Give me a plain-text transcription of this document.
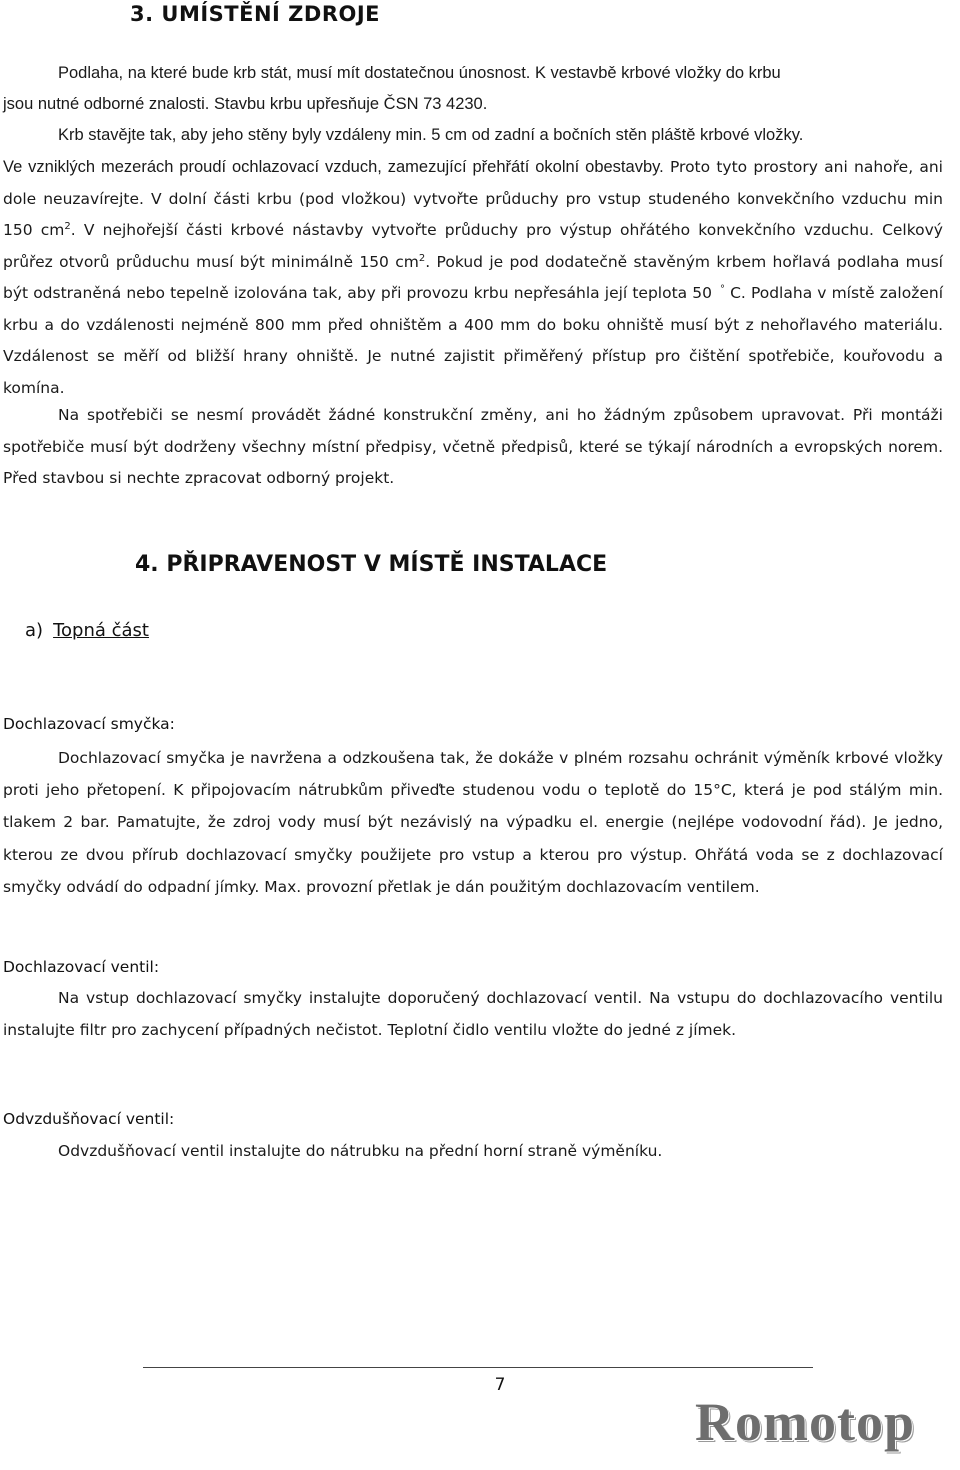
3. UMÍSTĚNÍ ZDROJE

Podlaha, na které bude krb stát, musí mít dostatečnou únosnost. K vestavbě krbové vložky do krbu
jsou nutné odborné znalosti. Stavbu krbu upřesňuje ČSN 73 4230.

Krb stavějte tak, aby jeho stěny byly vzdáleny min. 5 cm od zadní a bočních stěn pláště krbové vložky.

Ve vzniklých mezerách proudí ochlazovací vzduch, zamezující přehřátí okolní obestavby. Proto tyto prostory ani nahoře, ani dole neuzavírejte. V dolní části krbu (pod vložkou) vytvořte průduchy pro vstup studeného konvekčního vzduchu min 150 $cm^2$. V nejhořejší části krbové nástavby vytvořte průduchy pro výstup ohřátého konvekčního vzduchu. Celkový průřez otvorů průduchu musí být minimálně 150 $cm^2$. Pokud je pod dodatečně stavěným krbem hořlavá podlaha musí být odstraněná nebo tepelně izolována tak, aby při provozu krbu nepřesáhla její teplota 50 ° C. Podlaha v místě založení krbu a do vzdálenosti nejméně 800 mm před ohništěm a 400 mm do boku ohniště musí být z nehořlavého materiálu. Vzdálenost se měří od bližší hrany ohniště. Je nutné zajistit přiměřený přístup pro čištění spotřebiče, kouřovodu a komína.

Na spotřebiči se nesmí provádět žádné konstrukční změny, ani ho žádným způsobem upravovat. Při montáži spotřebiče musí být dodrženy všechny místní předpisy, včetně předpisů, které se týkají národních a evropských norem. Před stavbou si nechte zpracovat odborný projekt.

4. PŘIPRAVENOST V MÍSTĚ INSTALACE

a) Topná část

Dochlazovací smyčka:

Dochlazovací smyčka je navržena a odzkoušena tak, že dokáže v plném rozsahu ochránit výměník krbové vložky proti jeho přetopení. K připojovacím nátrubkům přiveďte studenou vodu o teplotě do 15°C, která je pod stálým min. tlakem 2 bar. Pamatujte, že zdroj vody musí být nezávislý na výpadku el. energie (nejlépe vodovodní řád). Je jedno, kterou ze dvou přírub dochlazovací smyčky použijete pro vstup a kterou pro výstup. Ohřátá voda se z dochlazovací smyčky odvádí do odpadní jímky. Max. provozní přetlak je dán použitým dochlazovacím ventilem.

Dochlazovací ventil:

Na vstup dochlazovací smyčky instalujte doporučený dochlazovací ventil. Na vstupu do dochlazovacího ventilu instalujte filtr pro zachycení případných nečistot. Teplotní čidlo ventilu vložte do jedné z jímek.

Odvzdušňovací ventil:

Odvzdušňovací ventil instalujte do nátrubku na přední horní straně výměníku.

7
Romotop
